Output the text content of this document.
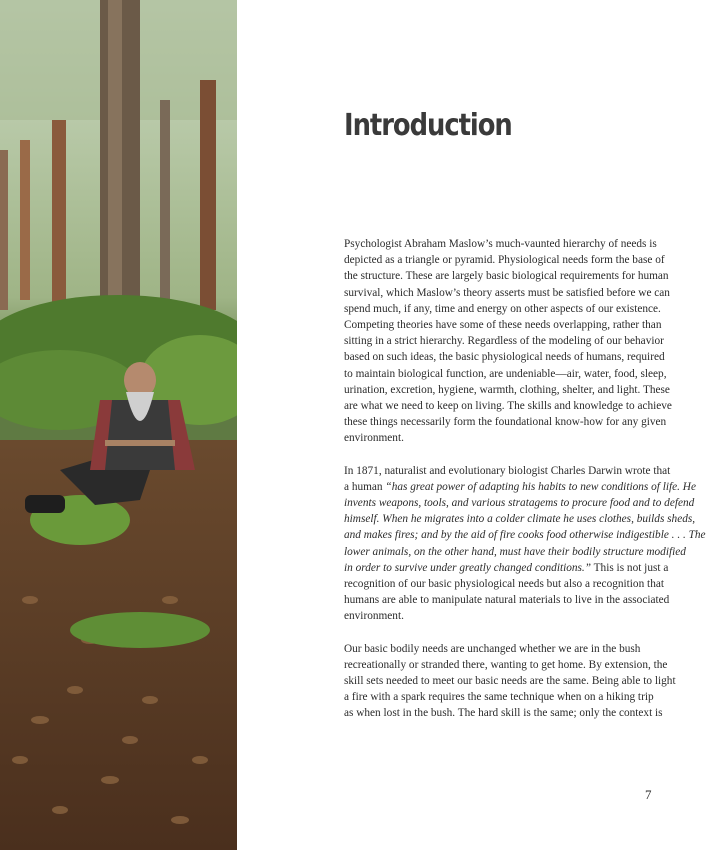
Introduction
Psychologist Abraham Maslow’s much-vaunted hierarchy of needs is
depicted as a triangle or pyramid. Physiological needs form the base of
the structure. These are largely basic biological requirements for human
survival, which Maslow’s theory asserts must be satisfied before we can
spend much, if any, time and energy on other aspects of our existence.
Competing theories have some of these needs overlapping, rather than
sitting in a strict hierarchy. Regardless of the modeling of our behavior
based on such ideas, the basic physiological needs of humans, required
to maintain biological function, are undeniable—air, water, food, sleep,
urination, excretion, hygiene, warmth, clothing, shelter, and light. These
are what we need to keep on living. The skills and knowledge to achieve
these things necessarily form the foundational know-how for any given
environment.
In 1871, naturalist and evolutionary biologist Charles Darwin wrote that
a human “has great power of adapting his habits to new conditions of life. He
invents weapons, tools, and various stratagems to procure food and to defend
himself. When he migrates into a colder climate he uses clothes, builds sheds,
and makes fires; and by the aid of fire cooks food otherwise indigestible . . . The
lower animals, on the other hand, must have their bodily structure modified
in order to survive under greatly changed conditions.” This is not just a
recognition of our basic physiological needs but also a recognition that
humans are able to manipulate natural materials to live in the associated
environment.
Our basic bodily needs are unchanged whether we are in the bush
recreationally or stranded there, wanting to get home. By extension, the
skill sets needed to meet our basic needs are the same. Being able to light
a fire with a spark requires the same technique when on a hiking trip
as when lost in the bush. The hard skill is the same; only the context is
7
